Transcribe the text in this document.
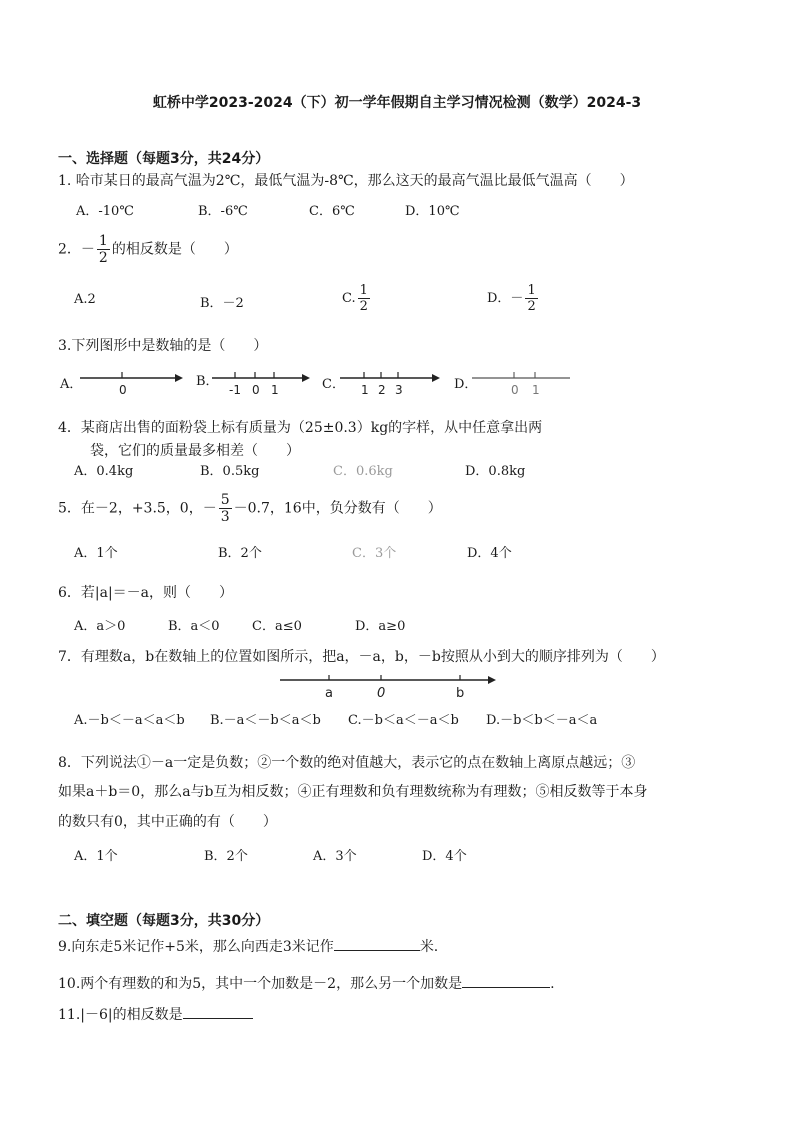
虹桥中学2023-2024（下）初一学年假期自主学习情况检测（数学）2024-3
一、选择题（每题3分，共24分）
1. 哈市某日的最高气温为2℃，最低气温为-8℃，那么这天的最高气温比最低气温高（　　）
A．-10℃	B．-6℃	C．6℃	D．10℃
2．－ $\frac{1}{2}$ 的相反数是（　　）
A.2	B．－2	C. $\frac{1}{2}$	D．－ $\frac{1}{2}$
3.下列图形中是数轴的是（　　）
A．	B．	C．	D．
0	-1 0 1	1 2 3	0 1
4．某商店出售的面粉袋上标有质量为（25±0.3）kg的字样，从中任意拿出两
袋，它们的质量最多相差（　　）
A．0.4kg	B．0.5kg	C．0.6kg	D．0.8kg
5．在－2，+3.5，0，－ $\frac{5}{3} -0.7$，16中，负分数有（　　）
A．1个	B．2个	C．3个	D．4个
6．若|a|＝－a，则（　　）
A．a＞0	B．a＜0 C．a≤0	D．a≥0
7．有理数a，b在数轴上的位置如图所示，把a，－a，b，－b按照从小到大的顺序排列为（　　）
a	0	b
A.－b＜－a＜a＜b B.－a＜－b＜a＜b C.－b＜a＜－a＜b D.－b＜b＜－a＜a
8．下列说法①－a一定是负数；②一个数的绝对值越大，表示它的点在数轴上离原点越远；③
如果a＋b＝0，那么a与b互为相反数；④正有理数和负有理数统称为有理数；⑤相反数等于本身
的数只有0，其中正确的有（　　）
A．1个	B．2个	A．3个	D．4个
二、填空题（每题3分，共30分）
9.向东走5米记作+5米，那么向西走3米记作	米.
10.两个有理数的和为5，其中一个加数是－2，那么另一个加数是	.
11.|－6|的相反数是
